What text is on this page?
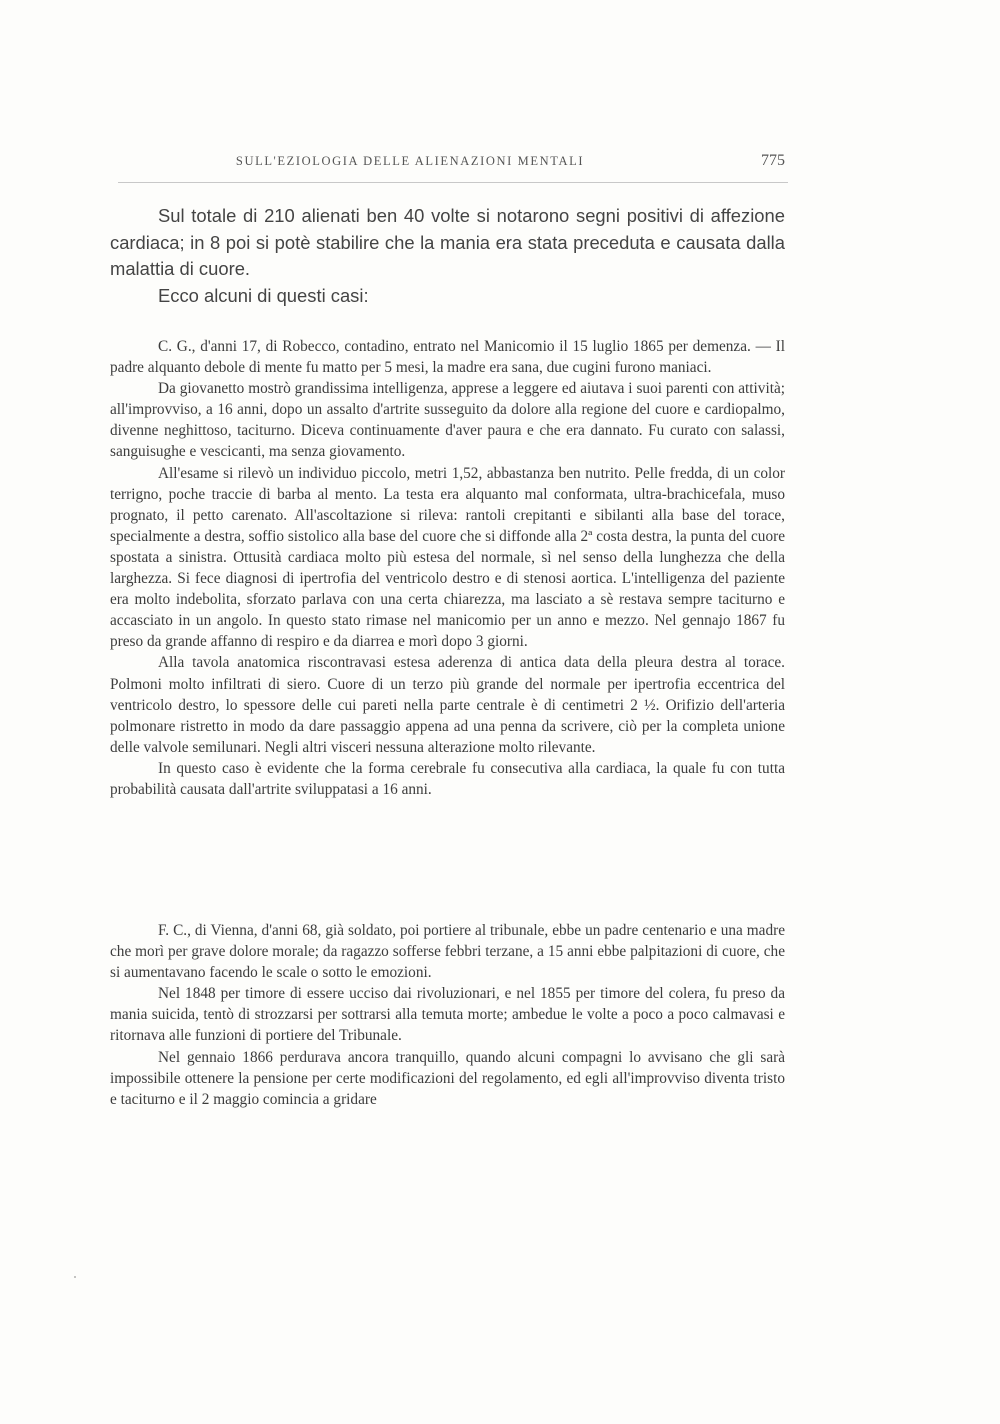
SULL'EZIOLOGIA DELLE ALIENAZIONI MENTALI	775

Sul totale di 210 alienati ben 40 volte si notarono segni positivi di affezione cardiaca; in 8 poi si potè stabilire che la mania era stata preceduta e causata dalla malattia di cuore.

Ecco alcuni di questi casi:

C. G., d'anni 17, di Robecco, contadino, entrato nel Manicomio il 15 luglio 1865 per demenza. — Il padre alquanto debole di mente fu matto per 5 mesi, la madre era sana, due cugini furono maniaci.

Da giovanetto mostrò grandissima intelligenza, apprese a leggere ed aiutava i suoi parenti con attività; all'improvviso, a 16 anni, dopo un assalto d'artrite susseguito da dolore alla regione del cuore e cardiopalmo, divenne neghittoso, taciturno. Diceva continuamente d'aver paura e che era dannato. Fu curato con salassi, sanguisughe e vescicanti, ma senza giovamento.

All'esame si rilevò un individuo piccolo, metri 1,52, abbastanza ben nutrito. Pelle fredda, di un color terrigno, poche traccie di barba al mento. La testa era alquanto mal conformata, ultra-brachicefala, muso prognato, il petto carenato. All'ascoltazione si rileva: rantoli crepitanti e sibilanti alla base del torace, specialmente a destra, soffio sistolico alla base del cuore che si diffonde alla 2ª costa destra, la punta del cuore spostata a sinistra. Ottusità cardiaca molto più estesa del normale, sì nel senso della lunghezza che della larghezza. Si fece diagnosi di ipertrofia del ventricolo destro e di stenosi aortica. L'intelligenza del paziente era molto indebolita, sforzato parlava con una certa chiarezza, ma lasciato a sè restava sempre taciturno e accasciato in un angolo. In questo stato rimase nel manicomio per un anno e mezzo. Nel gennajo 1867 fu preso da grande affanno di respiro e da diarrea e morì dopo 3 giorni.

Alla tavola anatomica riscontravasi estesa aderenza di antica data della pleura destra al torace. Polmoni molto infiltrati di siero. Cuore di un terzo più grande del normale per ipertrofia eccentrica del ventricolo destro, lo spessore delle cui pareti nella parte centrale è di centimetri 2 ½. Orifizio dell'arteria polmonare ristretto in modo da dare passaggio appena ad una penna da scrivere, ciò per la completa unione delle valvole semilunari. Negli altri visceri nessuna alterazione molto rilevante.

In questo caso è evidente che la forma cerebrale fu consecutiva alla cardiaca, la quale fu con tutta probabilità causata dall'artrite sviluppatasi a 16 anni.

F. C., di Vienna, d'anni 68, già soldato, poi portiere al tribunale, ebbe un padre centenario e una madre che morì per grave dolore morale; da ragazzo sofferse febbri terzane, a 15 anni ebbe palpitazioni di cuore, che si aumentavano facendo le scale o sotto le emozioni.

Nel 1848 per timore di essere ucciso dai rivoluzionari, e nel 1855 per timore del colera, fu preso da mania suicida, tentò di strozzarsi per sottrarsi alla temuta morte; ambedue le volte a poco a poco calmavasi e ritornava alle funzioni di portiere del Tribunale.

Nel gennaio 1866 perdurava ancora tranquillo, quando alcuni compagni lo avvisano che gli sarà impossibile ottenere la pensione per certe modificazioni del regolamento, ed egli all'improvviso diventa tristo e taciturno e il 2 maggio comincia a gridare
